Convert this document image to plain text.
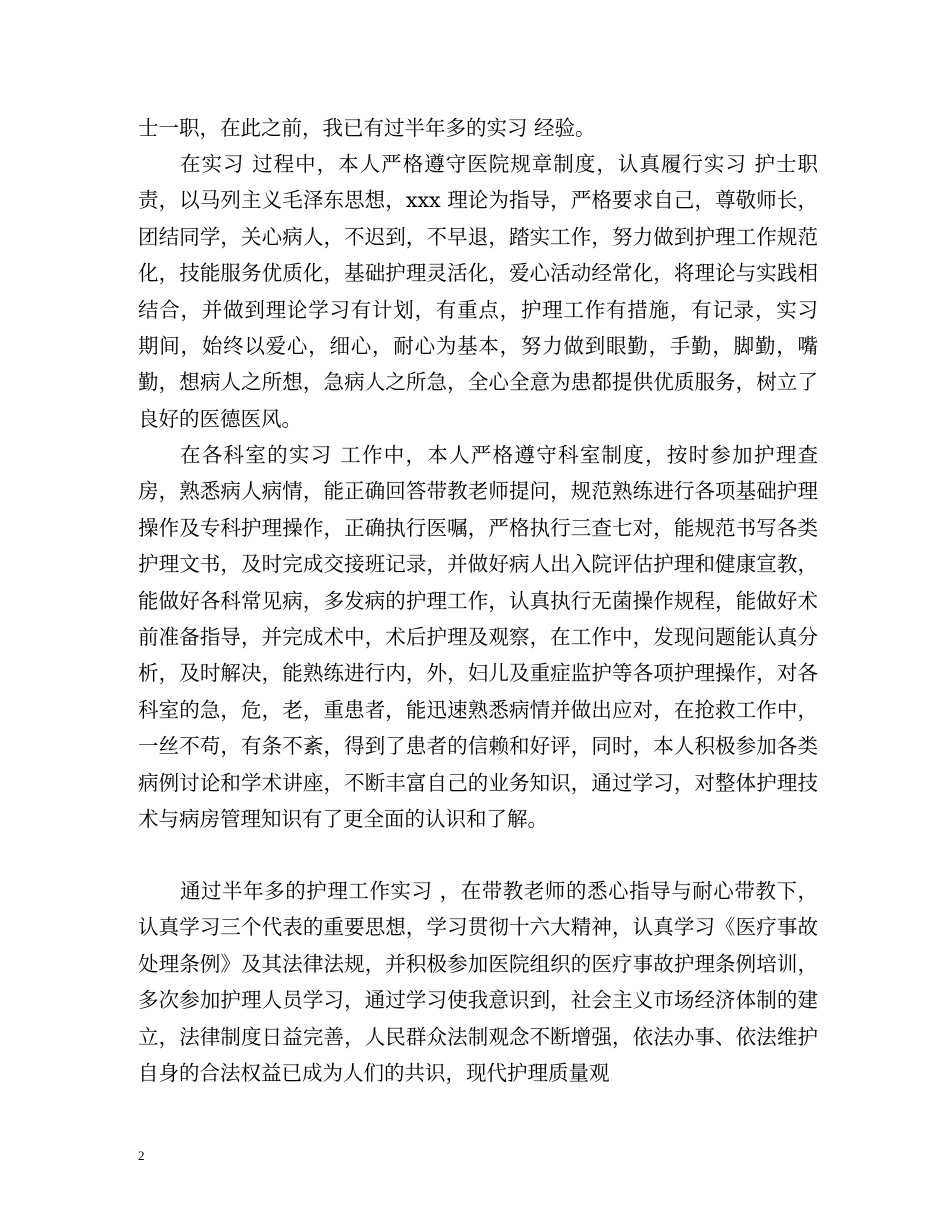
士一职，在此之前，我已有过半年多的实习 经验。

在实习 过程中，本人严格遵守医院规章制度，认真履行实习 护士职责，以马列主义毛泽东思想，xxx 理论为指导，严格要求自己，尊敬师长，团结同学，关心病人，不迟到，不早退，踏实工作，努力做到护理工作规范化，技能服务优质化，基础护理灵活化，爱心活动经常化，将理论与实践相结合，并做到理论学习有计划，有重点，护理工作有措施，有记录，实习 期间，始终以爱心，细心，耐心为基本，努力做到眼勤，手勤，脚勤，嘴勤，想病人之所想，急病人之所急，全心全意为患都提供优质服务，树立了良好的医德医风。

在各科室的实习 工作中，本人严格遵守科室制度，按时参加护理查房，熟悉病人病情，能正确回答带教老师提问，规范熟练进行各项基础护理操作及专科护理操作，正确执行医嘱，严格执行三查七对，能规范书写各类护理文书，及时完成交接班记录，并做好病人出入院评估护理和健康宣教，能做好各科常见病，多发病的护理工作，认真执行无菌操作规程，能做好术前准备指导，并完成术中，术后护理及观察，在工作中，发现问题能认真分析，及时解决，能熟练进行内，外，妇儿及重症监护等各项护理操作，对各科室的急，危，老，重患者，能迅速熟悉病情并做出应对，在抢救工作中，一丝不苟，有条不紊，得到了患者的信赖和好评，同时，本人积极参加各类病例讨论和学术讲座，不断丰富自己的业务知识，通过学习，对整体护理技术与病房管理知识有了更全面的认识和了解。

通过半年多的护理工作实习 ，在带教老师的悉心指导与耐心带教下，认真学习三个代表的重要思想，学习贯彻十六大精神，认真学习《医疗事故处理条例》及其法律法规，并积极参加医院组织的医疗事故护理条例培训，多次参加护理人员学习，通过学习使我意识到，社会主义市场经济体制的建立，法律制度日益完善，人民群众法制观念不断增强，依法办事、依法维护自身的合法权益已成为人们的共识，现代护理质量观

2
